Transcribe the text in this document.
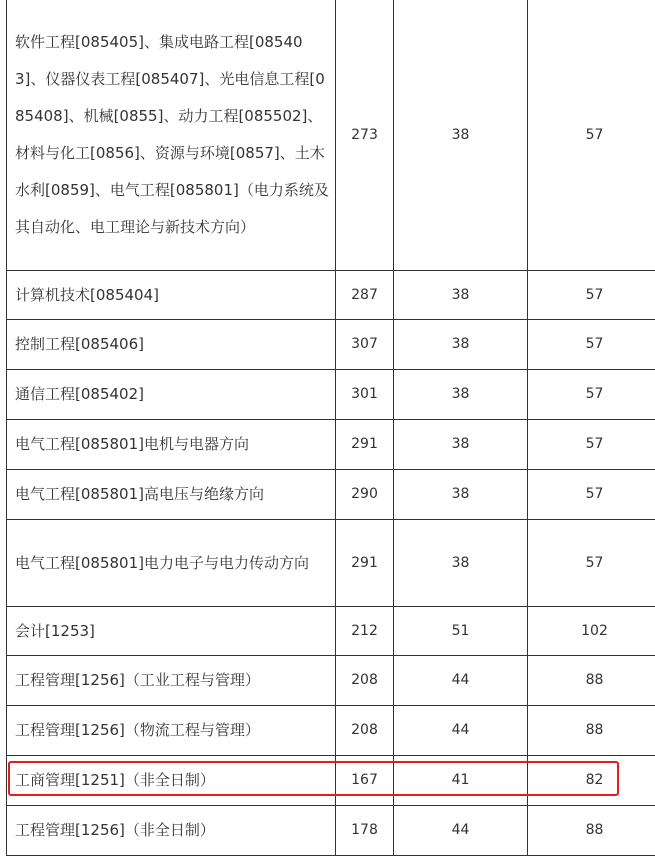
软件工程[085405]、集成电路工程[085403]、仪器仪表工程[085407]、光电信息工程[085408]、机械[0855]、动力工程[085502]、材料与化工[0856]、资源与环境[0857]、土木水利[0859]、电气工程[085801]（电力系统及其自动化、电工理论与新技术方向）	273	38	57
计算机技术[085404]	287	38	57
控制工程[085406]	307	38	57
通信工程[085402]	301	38	57
电气工程[085801]电机与电器方向	291	38	57
电气工程[085801]高电压与绝缘方向	290	38	57
电气工程[085801]电力电子与电力传动方向	291	38	57
会计[1253]	212	51	102
工程管理[1256]（工业工程与管理）	208	44	88
工程管理[1256]（物流工程与管理）	208	44	88
工商管理[1251]（非全日制）	167	41	82
工程管理[1256]（非全日制）	178	44	88
